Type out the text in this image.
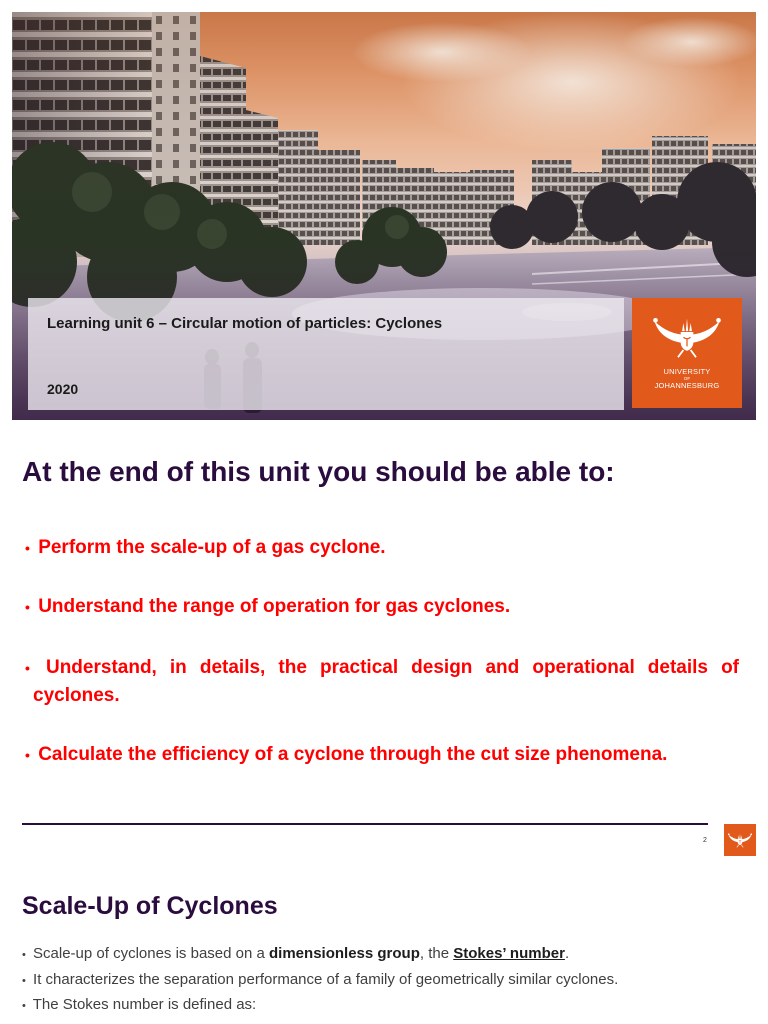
Learning unit 6 – Circular motion of particles: Cyclones
2020
UNIVERSITY
OF
JOHANNESBURG
At the end of this unit you should be able to:
• Perform the scale-up of a gas cyclone.
• Understand the range of operation for gas cyclones.
• Understand, in details, the practical design and operational details of cyclones.
• Calculate the efficiency of a cyclone through the cut size phenomena.
2
Scale-Up of Cyclones
• Scale-up of cyclones is based on a dimensionless group, the Stokes’ number.
• It characterizes the separation performance of a family of geometrically similar cyclones.
• The Stokes number is defined as:
